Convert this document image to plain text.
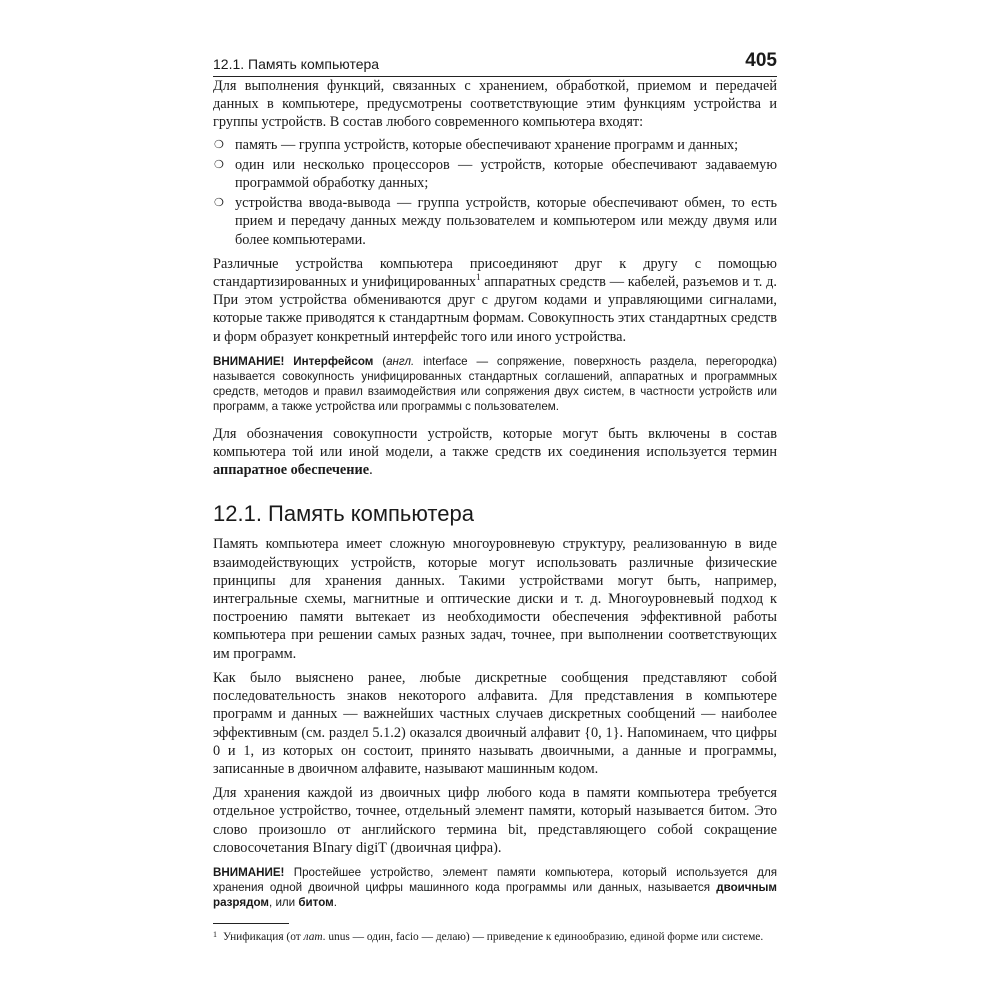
12.1. Память компьютера	405

Для выполнения функций, связанных с хранением, обработкой, приемом и передачей данных в компьютере, предусмотрены соответствующие этим функциям устройства и группы устройств. В состав любого современного компьютера входят:

❍ память — группа устройств, которые обеспечивают хранение программ и данных;
❍ один или несколько процессоров — устройств, которые обеспечивают задаваемую программой обработку данных;
❍ устройства ввода-вывода — группа устройств, которые обеспечивают обмен, то есть прием и передачу данных между пользователем и компьютером или между двумя или более компьютерами.

Различные устройства компьютера присоединяют друг к другу с помощью стандартизированных и унифицированных$^1$ аппаратных средств — кабелей, разъемов и т. д. При этом устройства обмениваются друг с другом кодами и управляющими сигналами, которые также приводятся к стандартным формам. Совокупность этих стандартных средств и форм образует конкретный интерфейс того или иного устройства.

ВНИМАНИЕ! Интерфейсом (англ. interface — сопряжение, поверхность раздела, перегородка) называется совокупность унифицированных стандартных соглашений, аппаратных и программных средств, методов и правил взаимодействия или сопряжения двух систем, в частности устройств или программ, а также устройства или программы с пользователем.

Для обозначения совокупности устройств, которые могут быть включены в состав компьютера той или иной модели, а также средств их соединения используется термин аппаратное обеспечение.

12.1. Память компьютера

Память компьютера имеет сложную многоуровневую структуру, реализованную в виде взаимодействующих устройств, которые могут использовать различные физические принципы для хранения данных. Такими устройствами могут быть, например, интегральные схемы, магнитные и оптические диски и т. д. Многоуровневый подход к построению памяти вытекает из необходимости обеспечения эффективной работы компьютера при решении самых разных задач, точнее, при выполнении соответствующих им программ.

Как было выяснено ранее, любые дискретные сообщения представляют собой последовательность знаков некоторого алфавита. Для представления в компьютере программ и данных — важнейших частных случаев дискретных сообщений — наиболее эффективным (см. раздел 5.1.2) оказался двоичный алфавит {0, 1}. Напоминаем, что цифры 0 и 1, из которых он состоит, принято называть двоичными, а данные и программы, записанные в двоичном алфавите, называют машинным кодом.

Для хранения каждой из двоичных цифр любого кода в памяти компьютера требуется отдельное устройство, точнее, отдельный элемент памяти, который называется битом. Это слово произошло от английского термина bit, представляющего собой сокращение словосочетания BInary digiT (двоичная цифра).

ВНИМАНИЕ! Простейшее устройство, элемент памяти компьютера, который используется для хранения одной двоичной цифры машинного кода программы или данных, называется двоичным разрядом, или битом.
1 Унификация (от лат. unus — один, facio — делаю) — приведение к единообразию, единой форме или системе.
